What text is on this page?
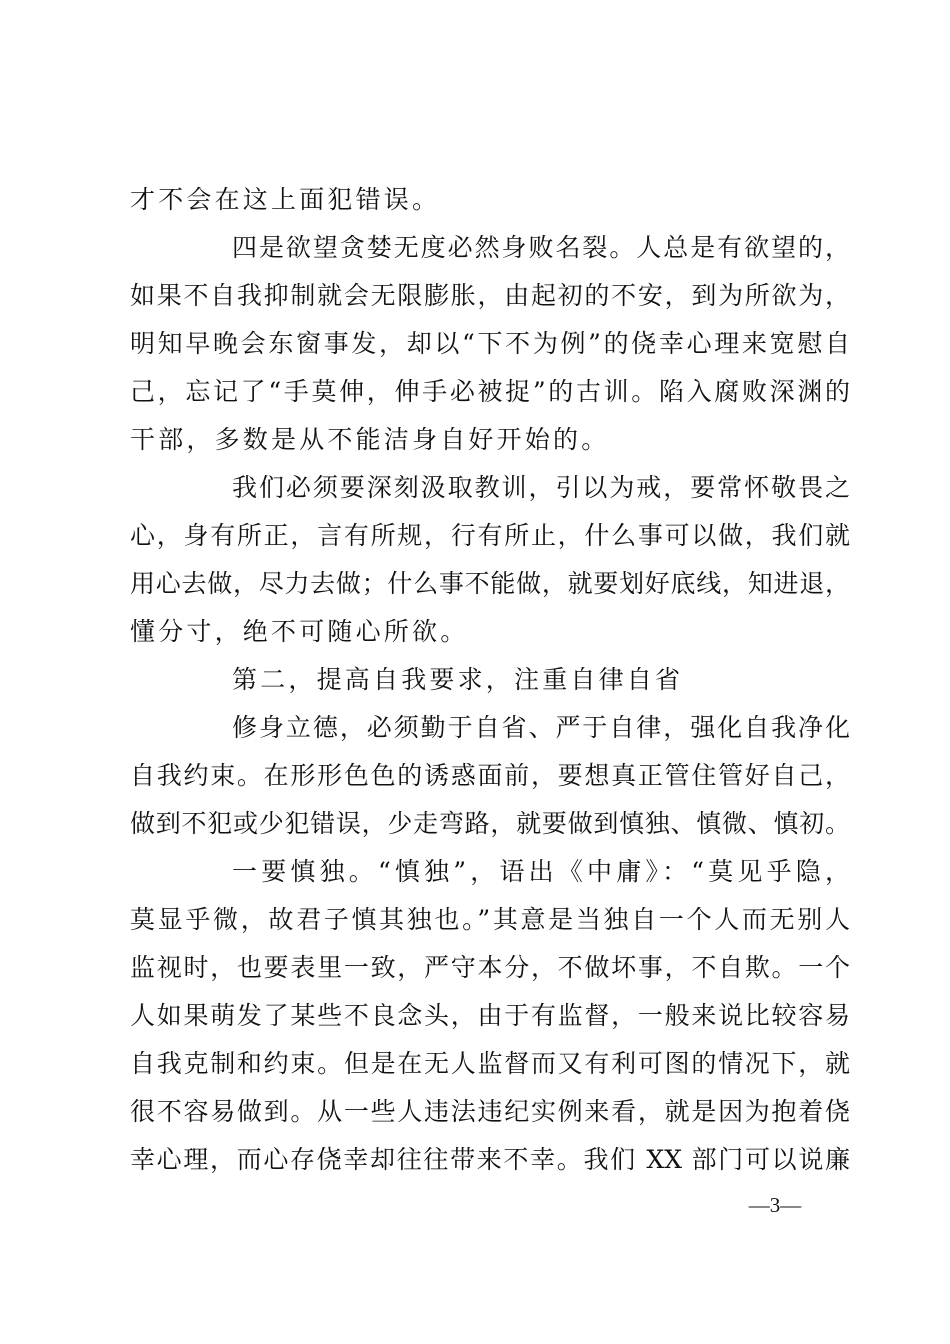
才不会在这上面犯错误。
四是欲望贪婪无度必然身败名裂。人总是有欲望的，
如果不自我抑制就会无限膨胀，由起初的不安，到为所欲为，
明知早晚会东窗事发，却以“下不为例”的侥幸心理来宽慰自
己，忘记了“手莫伸，伸手必被捉”的古训。陷入腐败深渊的
干部，多数是从不能洁身自好开始的。
我们必须要深刻汲取教训，引以为戒，要常怀敬畏之
心，身有所正，言有所规，行有所止，什么事可以做，我们就
用心去做，尽力去做；什么事不能做，就要划好底线，知进退，
懂分寸，绝不可随心所欲。
第二，提高自我要求，注重自律自省
修身立德，必须勤于自省、严于自律，强化自我净化
自我约束。在形形色色的诱惑面前，要想真正管住管好自己，
做到不犯或少犯错误，少走弯路，就要做到慎独、慎微、慎初。
一要慎独。“慎独”，语出《中庸》：“莫见乎隐，
莫显乎微，故君子慎其独也。”其意是当独自一个人而无别人
监视时，也要表里一致，严守本分，不做坏事，不自欺。一个
人如果萌发了某些不良念头，由于有监督，一般来说比较容易
自我克制和约束。但是在无人监督而又有利可图的情况下，就
很不容易做到。从一些人违法违纪实例来看，就是因为抱着侥
幸心理，而心存侥幸却往往带来不幸。我们 XX 部门可以说廉
—3—
